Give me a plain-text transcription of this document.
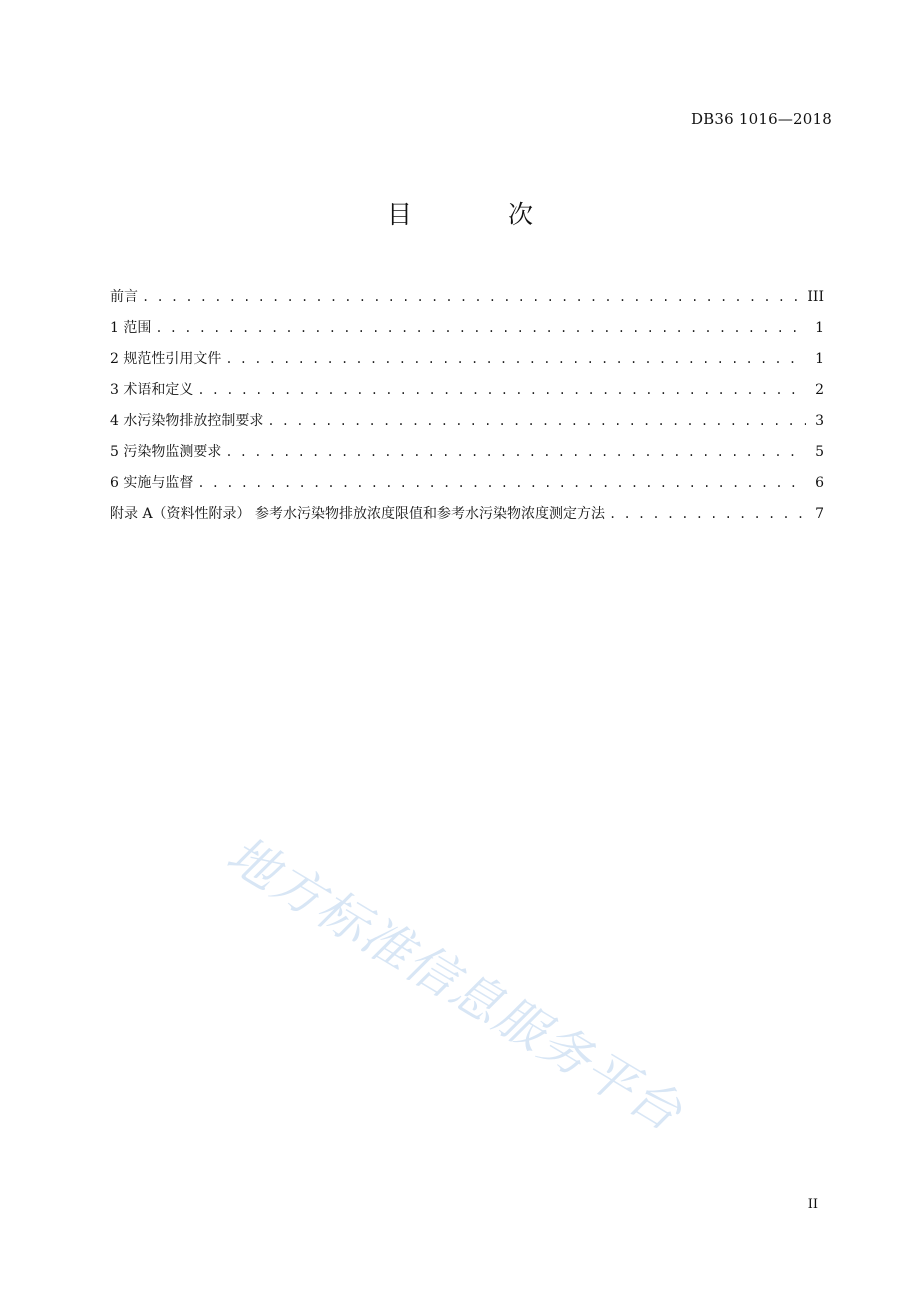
DB36 1016—2018
目 次
前言 . . .	III
1 范围 . . .	1
2 规范性引用文件 . . .	1
3 术语和定义 . . .	2
4 水污染物排放控制要求 . . .	3
5 污染物监测要求 . . .	5
6 实施与监督 . . .	6
附录 A（资料性附录） 参考水污染物排放浓度限值和参考水污染物浓度测定方法 . . .	7
地方标准信息服务平台
II
